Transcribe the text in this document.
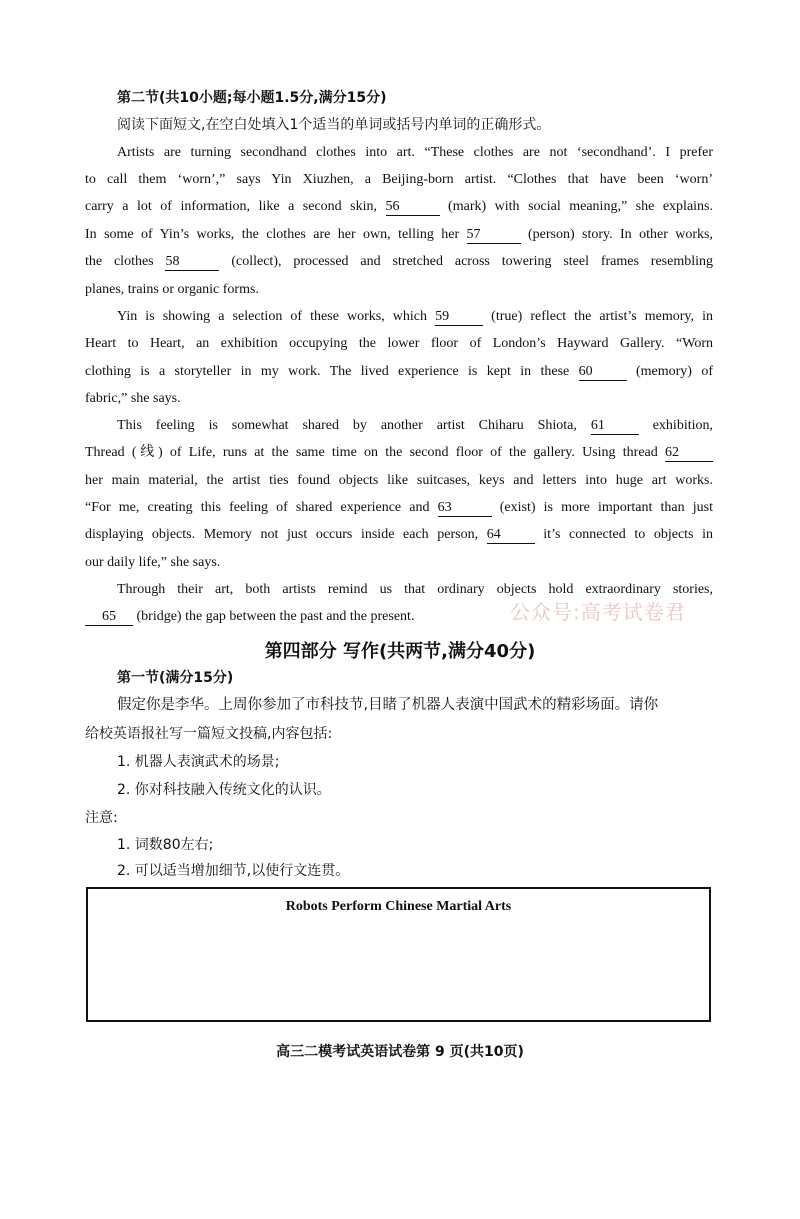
第二节(共10小题;每小题1.5分,满分15分)
阅读下面短文,在空白处填入1个适当的单词或括号内单词的正确形式。
Artists are turning secondhand clothes into art. “These clothes are not ‘secondhand’. I prefer
to call them ‘worn’,” says Yin Xiuzhen, a Beijing-born artist. “Clothes that have been ‘worn’
carry a lot of information, like a second skin, 56	(mark) with social meaning,” she explains.
In some of Yin’s works, the clothes are her own, telling her 57	(person) story. In other works,
the clothes 58	(collect), processed and stretched across towering steel frames resembling
planes, trains or organic forms.
Yin is showing a selection of these works, which 59 (true) reflect the artist’s memory, in
Heart to Heart, an exhibition occupying the lower floor of London’s Hayward Gallery. “Worn
clothing is a storyteller in my work. The lived experience is kept in these 60 (memory) of
fabric,” she says.
This feeling is somewhat shared by another artist Chiharu Shiota, 61 exhibition,
Thread (线) of Life, runs at the same time on the second floor of the gallery. Using thread 62
her main material, the artist ties found objects like suitcases, keys and letters into huge art works.
“For me, creating this feeling of shared experience and 63	(exist) is more important than just
displaying objects. Memory not just occurs inside each person, 64 it’s connected to objects in
our daily life,” she says.
Through their art, both artists remind us that ordinary objects hold extraordinary stories,
65 (bridge) the gap between the past and the present.	公众号:高考试卷君
第四部分 写作(共两节,满分40分)
第一节(满分15分)
假定你是李华。上周你参加了市科技节,目睹了机器人表演中国武术的精彩场面。请你
给校英语报社写一篇短文投稿,内容包括:
1. 机器人表演武术的场景;
2. 你对科技融入传统文化的认识。
注意:
1. 词数80左右;
2. 可以适当增加细节,以使行文连贯。
Robots Perform Chinese Martial Arts
高三二模考试英语试卷第 9 页(共10页)
